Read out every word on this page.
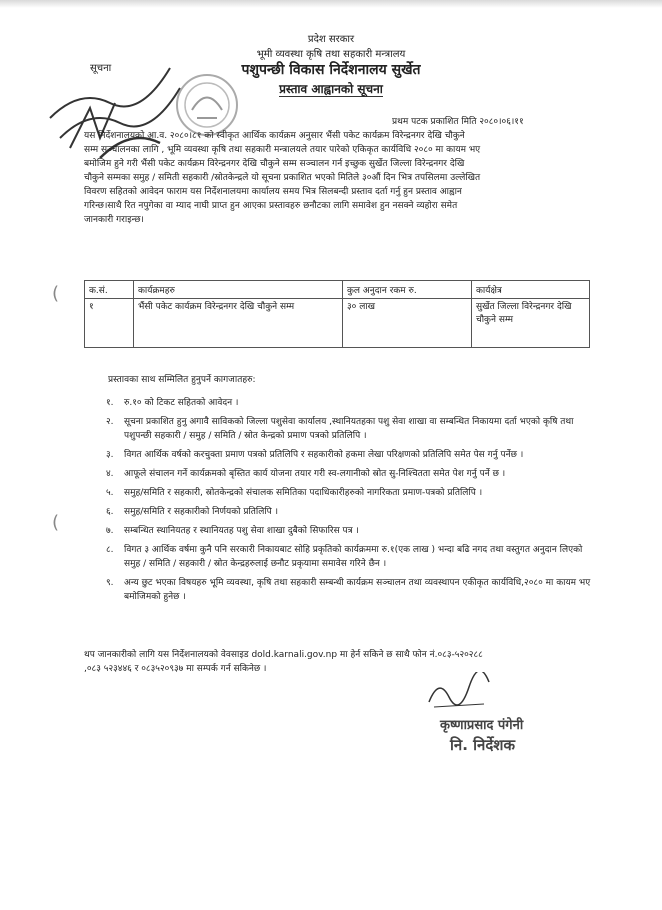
सूचना
प्रदेश सरकार
भूमी व्यवस्था कृषि तथा सहकारी मन्त्रालय
पशुपन्छी विकास निर्देशनालय सुर्खेत
प्रस्ताव आह्वानको सूचना
प्रथम पटक प्रकाशित मिति २०८०।०६।११
यस निर्देशनालयको आ.व. २०८०।८१ को स्वीकृत आर्थिक कार्यक्रम अनुसार भैंसी पकेट कार्यक्रम विरेन्द्रनगर देखि चौकुने
सम्म सञ्चालनका लागि , भूमि व्यवस्था कृषि तथा सहकारी मन्त्रालयले तयार पारेको एकिकृत कार्यविधि २०८० मा कायम भए
बमोजिम हुने गरी भैंसी पकेट कार्यक्रम विरेन्द्रनगर देखि चौकुने सम्म सञ्चालन गर्न इच्छुक सुर्खेत जिल्ला विरेन्द्रनगर देखि
चौकुने सम्मका समुह / समिती सहकारी /स्रोतकेन्द्रले यो सूचना प्रकाशित भएको मितिले ३०औं दिन भित्र तपसिलमा उल्लेखित
विवरण सहितको आवेदन फाराम यस निर्देशनालयमा कार्यालय समय भित्र सिलबन्दी प्रस्ताव दर्ता गर्नु हुन प्रस्ताव आह्वान
गरिन्छ।साथै रित नपुगेका वा म्याद नाघी प्राप्त हुन आएका प्रस्तावहरु छनौटका लागि समावेश हुन नसक्ने व्यहोरा समेत
जानकारी गराइन्छ।
(	क.सं.	कार्यक्रमहरु	कुल अनुदान रकम रु.	कार्यक्षेत्र
१	भैंसी पकेट कार्यक्रम विरेन्द्रनगर देखि चौकुने सम्म	३० लाख	सुर्खेत जिल्ला विरेन्द्रनगर देखि चौकुने सम्म
प्रस्तावका साथ सम्मिलित हुनुपर्ने कागजातहरु:
१.	रु.१० को टिकट सहितको आवेदन ।
२.	सूचना प्रकाशित हुनु अगावै साविकको जिल्ला पशुसेवा कार्यालय ,स्थानियतहका पशु सेवा शाखा वा सम्बन्धित निकायमा दर्ता भएको कृषि तथा पशुपन्छी सहकारी / समुह / समिति / स्रोत केन्द्रको प्रमाण पत्रको प्रतिलिपि ।
३.	विगत आर्थिक वर्षको करचुक्ता प्रमाण पत्रको प्रतिलिपि र सहकारीको हकमा लेखा परिक्षणको प्रतिलिपि समेत पेस गर्नु पर्नेछ ।
४.	आफूले संचालन गर्ने कार्यक्रमको बृस्तित कार्य योजना तयार गरी स्व-लगानीको स्रोत सु-निश्चितता समेत पेश गर्नु पर्ने छ ।
५.	समुह/समिति र सहकारी, स्रोतकेन्द्रको संचालक समितिका पदाधिकारीहरुको नागरिकता प्रमाण-पत्रको प्रतिलिपि ।
६.	समुह/समिति र सहकारीको निर्णयको प्रतिलिपि ।
७.	सम्बन्धित स्थानियतह र स्थानियतह पशु सेवा शाखा दुबैको सिफारिस पत्र ।
८.	विगत ३ आर्थिक वर्षमा कुनै पनि सरकारी निकायबाट सोहि प्रकृतिको कार्यक्रममा रु.१(एक लाख ) भन्दा बढि नगद तथा वस्तुगत अनुदान लिएको समुह / समिति / सहकारी / स्रोत केन्द्रहरुलाई छनौट प्रकृयामा समावेस गरिने छैन ।
९.	अन्य छुट भएका विषयहरु भूमि व्यवस्था, कृषि तथा सहकारी सम्बन्धी कार्यक्रम सञ्चालन तथा व्यवस्थापन एकीकृत कार्यविधि,२०८० मा कायम भए बमोजिमको हुनेछ ।
(
थप जानकारीको लागि यस निर्देशनालयको वेवसाइड dold.karnali.gov.np मा हेर्न सकिने छ साथै फोन नं.०८३-५२०२८८
,०८३ ५२३४४६ र ०८३५२०९३७ मा सम्पर्क गर्न सकिनेछ ।
कृष्णाप्रसाद पंगेनी
नि. निर्देशक
